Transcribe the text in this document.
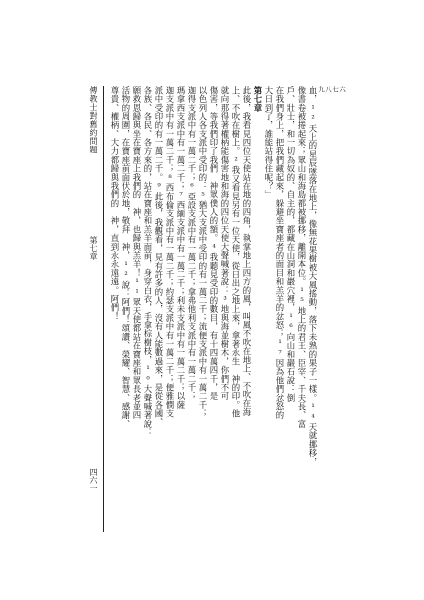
傳教士對舊約問題
第七章
四六一
尊貴、權柄、大力都歸與我們的　神，直到永永遠遠。阿們！ 活物的周圍，在寶座前面伏於地，敬拜　神，¹²說：阿們！頌讚、榮耀、智慧、感謝、 願救恩歸與坐在寶座上我們的　神，也歸與羔羊！¹¹眾天使都站在寶座和眾長老並四 各族、各民、各方來的，站在寶座和羔羊面前，身穿白衣，手拿棕樹枝，¹⁰大聲喊著說： 派中受印的有一萬二千。⁹此後，我觀看，見有許多的人，沒有人能數過來，是從各國、 迦支派中有一萬二千；⁸西布倫支派中有一萬二千；約瑟支派中有一萬二千；便雅憫支 瑪拿西支派中有一萬二千；⁷西緬支派中有一萬二千；利未支派中有一萬二千；以薩 迦得支派中有一萬二千；⁶亞設支派中有一萬二千；拿弗他利支派中有一萬二千； 以色列人各支派中受印的：⁵猶大支派中受印的有一萬二千；流便支派中有一萬二千； 傷害，等我們印了我們　神眾僕人的額。⁴我聽見受印的數目，有十四萬四千，是 就向那得著權柄能傷害地和海的四位天使大聲喊著說：³地與海並樹木，你們不可 上、不吹在樹上。²我又看見另有一位天使，從日出之地上來，拿著永生　神的印。他 此後，我看見四位天使站在地的四角，執掌地上四方的風，叫風不吹在地上、不吹在海 第七章 大日到了，誰能站得住呢？」 在我們身上，把我們藏起來，躲避坐寶座者的面目和羔羊的忿怒；¹⁷因為他們忿怒的 戶、壯士，和一切為奴的、自主的，都藏在山洞和巖穴裡，¹⁶向山和巖石說：倒 像書卷被捲起來；眾山和海島都被挪移，離開本位。¹⁵地上的君王、臣宰、千夫長、富 血，¹²天上的星辰墜落在地上，像無花果樹被大風搖動，落下未熟的果子一樣。¹⁴天就挪移， 九 八 七 六
